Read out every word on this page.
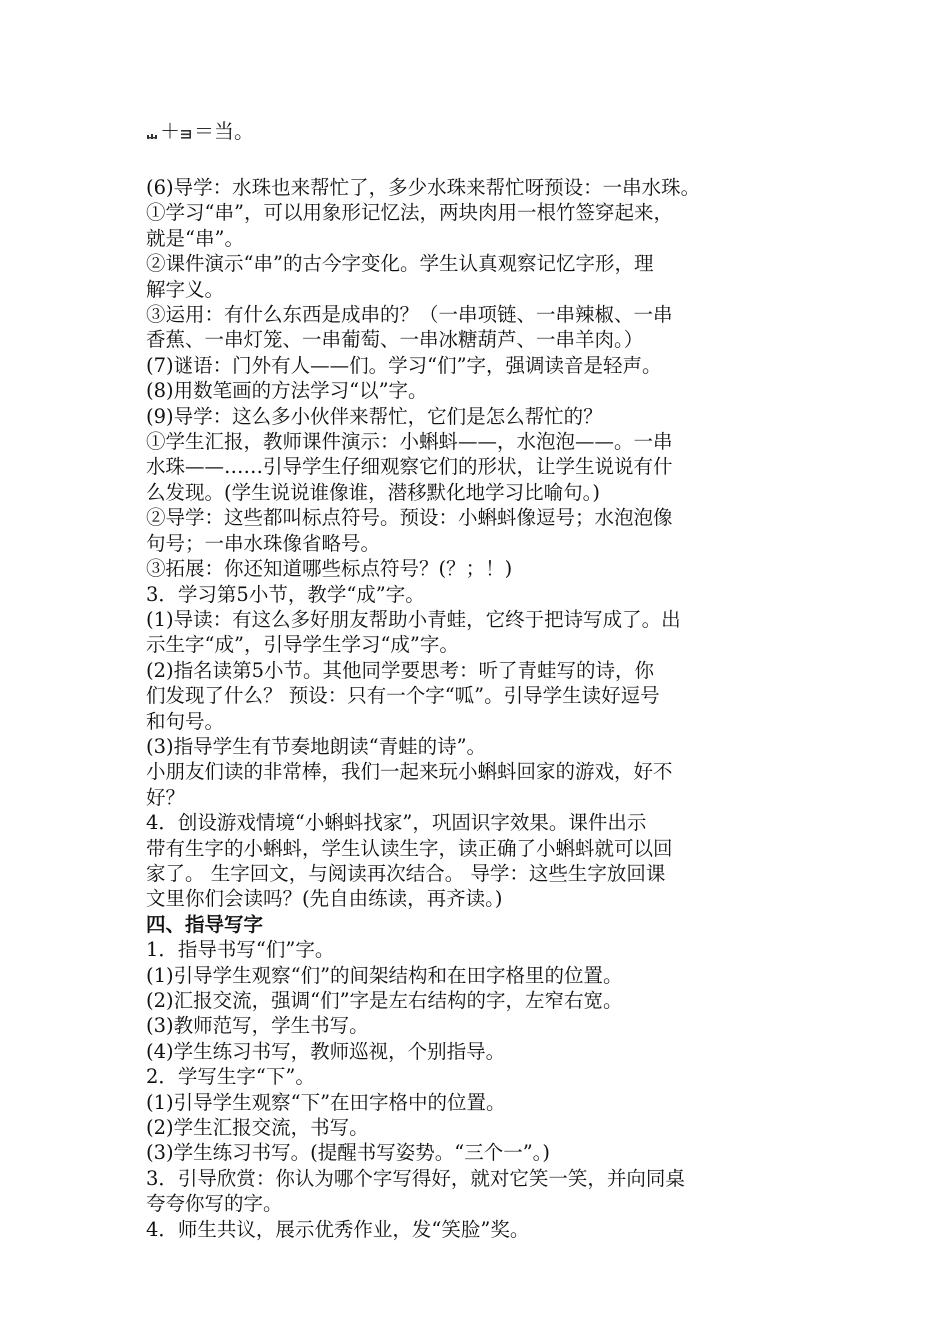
＋ ＝当。

(6)导学：水珠也来帮忙了，多少水珠来帮忙呀预设：一串水珠。

①学习“串”，可以用象形记忆法，两块肉用一根竹签穿起来，

就是“串”。

②课件演示“串”的古今字变化。学生认真观察记忆字形，理

解字义。

③运用：有什么东西是成串的？（一串项链、一串辣椒、一串

香蕉、一串灯笼、一串葡萄、一串冰糖葫芦、一串羊肉。）

(7)谜语：门外有人——们。学习“们”字，强调读音是轻声。

(8)用数笔画的方法学习“以”字。

(9)导学：这么多小伙伴来帮忙，它们是怎么帮忙的？

①学生汇报，教师课件演示：小蝌蚪——，水泡泡——。一串

水珠——……引导学生仔细观察它们的形状，让学生说说有什

么发现。(学生说说谁像谁，潜移默化地学习比喻句。)

②导学：这些都叫标点符号。预设：小蝌蚪像逗号；水泡泡像

句号；一串水珠像省略号。

③拓展：你还知道哪些标点符号？(？；！)

3．学习第5小节，教学“成”字。

(1)导读：有这么多好朋友帮助小青蛙，它终于把诗写成了。出

示生字“成”，引导学生学习“成”字。

(2)指名读第5小节。其他同学要思考：听了青蛙写的诗，你

们发现了什么？ 预设：只有一个字“呱”。引导学生读好逗号

和句号。

(3)指导学生有节奏地朗读“青蛙的诗”。

小朋友们读的非常棒，我们一起来玩小蝌蚪回家的游戏，好不

好？

4．创设游戏情境“小蝌蚪找家”，巩固识字效果。课件出示

带有生字的小蝌蚪，学生认读生字，读正确了小蝌蚪就可以回

家了。 生字回文，与阅读再次结合。 导学：这些生字放回课

文里你们会读吗？(先自由练读，再齐读。)

四、指导写字

1．指导书写“们”字。

(1)引导学生观察“们”的间架结构和在田字格里的位置。

(2)汇报交流，强调“们”字是左右结构的字，左窄右宽。

(3)教师范写，学生书写。

(4)学生练习书写，教师巡视，个别指导。

2．学写生字“下”。

(1)引导学生观察“下”在田字格中的位置。

(2)学生汇报交流，书写。

(3)学生练习书写。(提醒书写姿势。“三个一”。)

3．引导欣赏：你认为哪个字写得好，就对它笑一笑，并向同桌

夸夸你写的字。

4．师生共议，展示优秀作业，发“笑脸”奖。
